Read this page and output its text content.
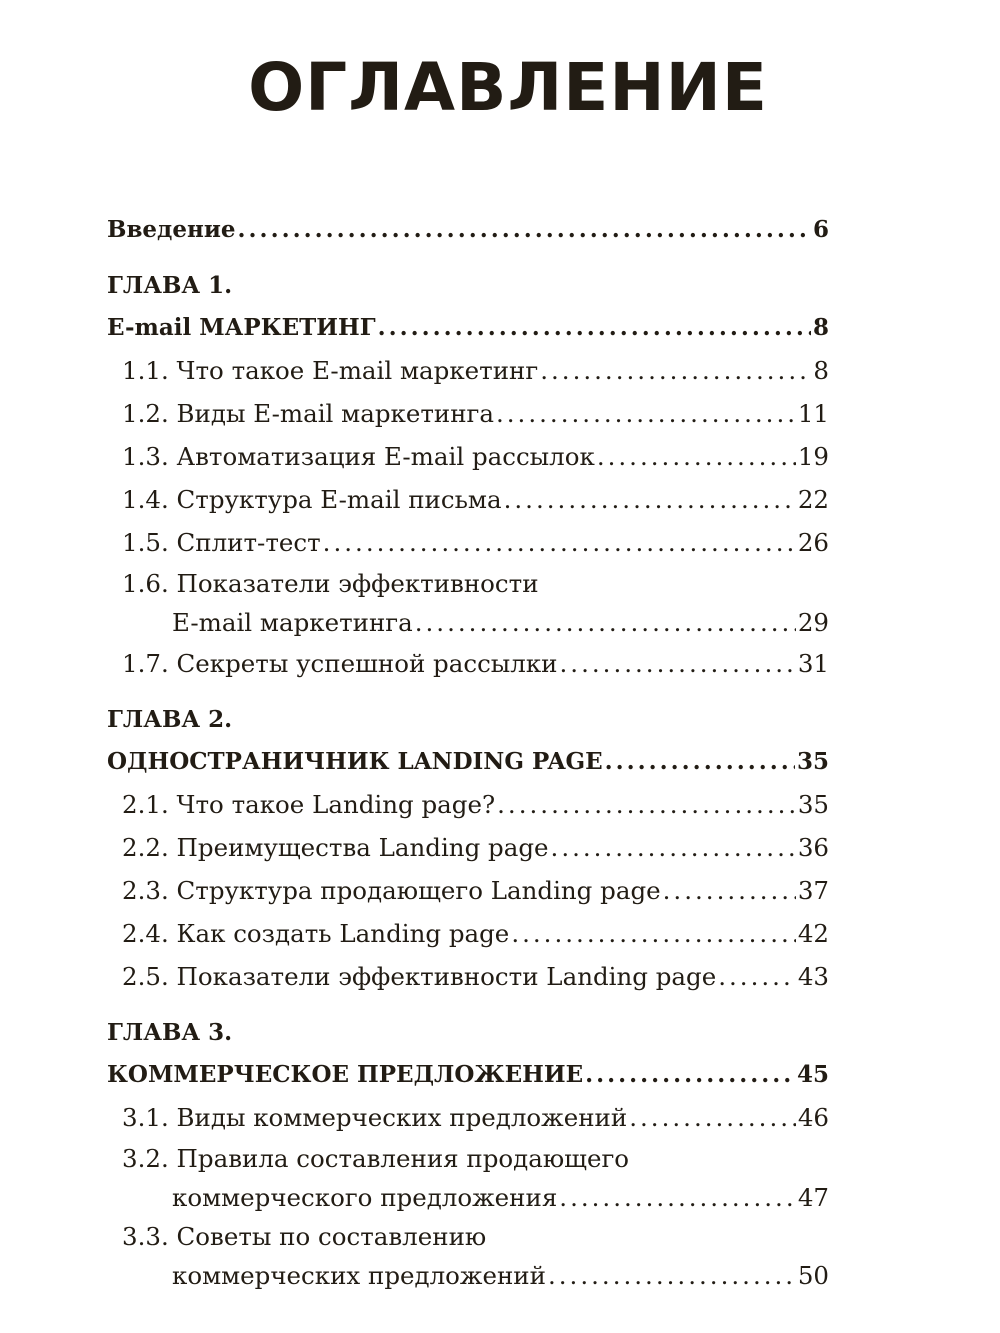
ОГЛАВЛЕНИЕ
Введение .....	6
ГЛАВА 1.
E-mail МАРКЕТИНГ .....	8
1.1. Что такое E-mail маркетинг .....	8
1.2. Виды E-mail маркетинга .....	11
1.3. Автоматизация E-mail рассылок .....	19
1.4. Структура E-mail письма .....	22
1.5. Сплит-тест .....	26
1.6. Показатели эффективности
E-mail маркетинга .....	29
1.7. Секреты успешной рассылки .....	31
ГЛАВА 2.
ОДНОСТРАНИЧНИК LANDING PAGE .....	35
2.1. Что такое Landing page? .....	35
2.2. Преимущества Landing page .....	36
2.3. Структура продающего Landing page .....	37
2.4. Как создать Landing page .....	42
2.5. Показатели эффективности Landing page .....	43
ГЛАВА 3.
КОММЕРЧЕСКОЕ ПРЕДЛОЖЕНИЕ .....	45
3.1. Виды коммерческих предложений .....	46
3.2. Правила составления продающего
коммерческого предложения .....	47
3.3. Советы по составлению
коммерческих предложений .....	50
